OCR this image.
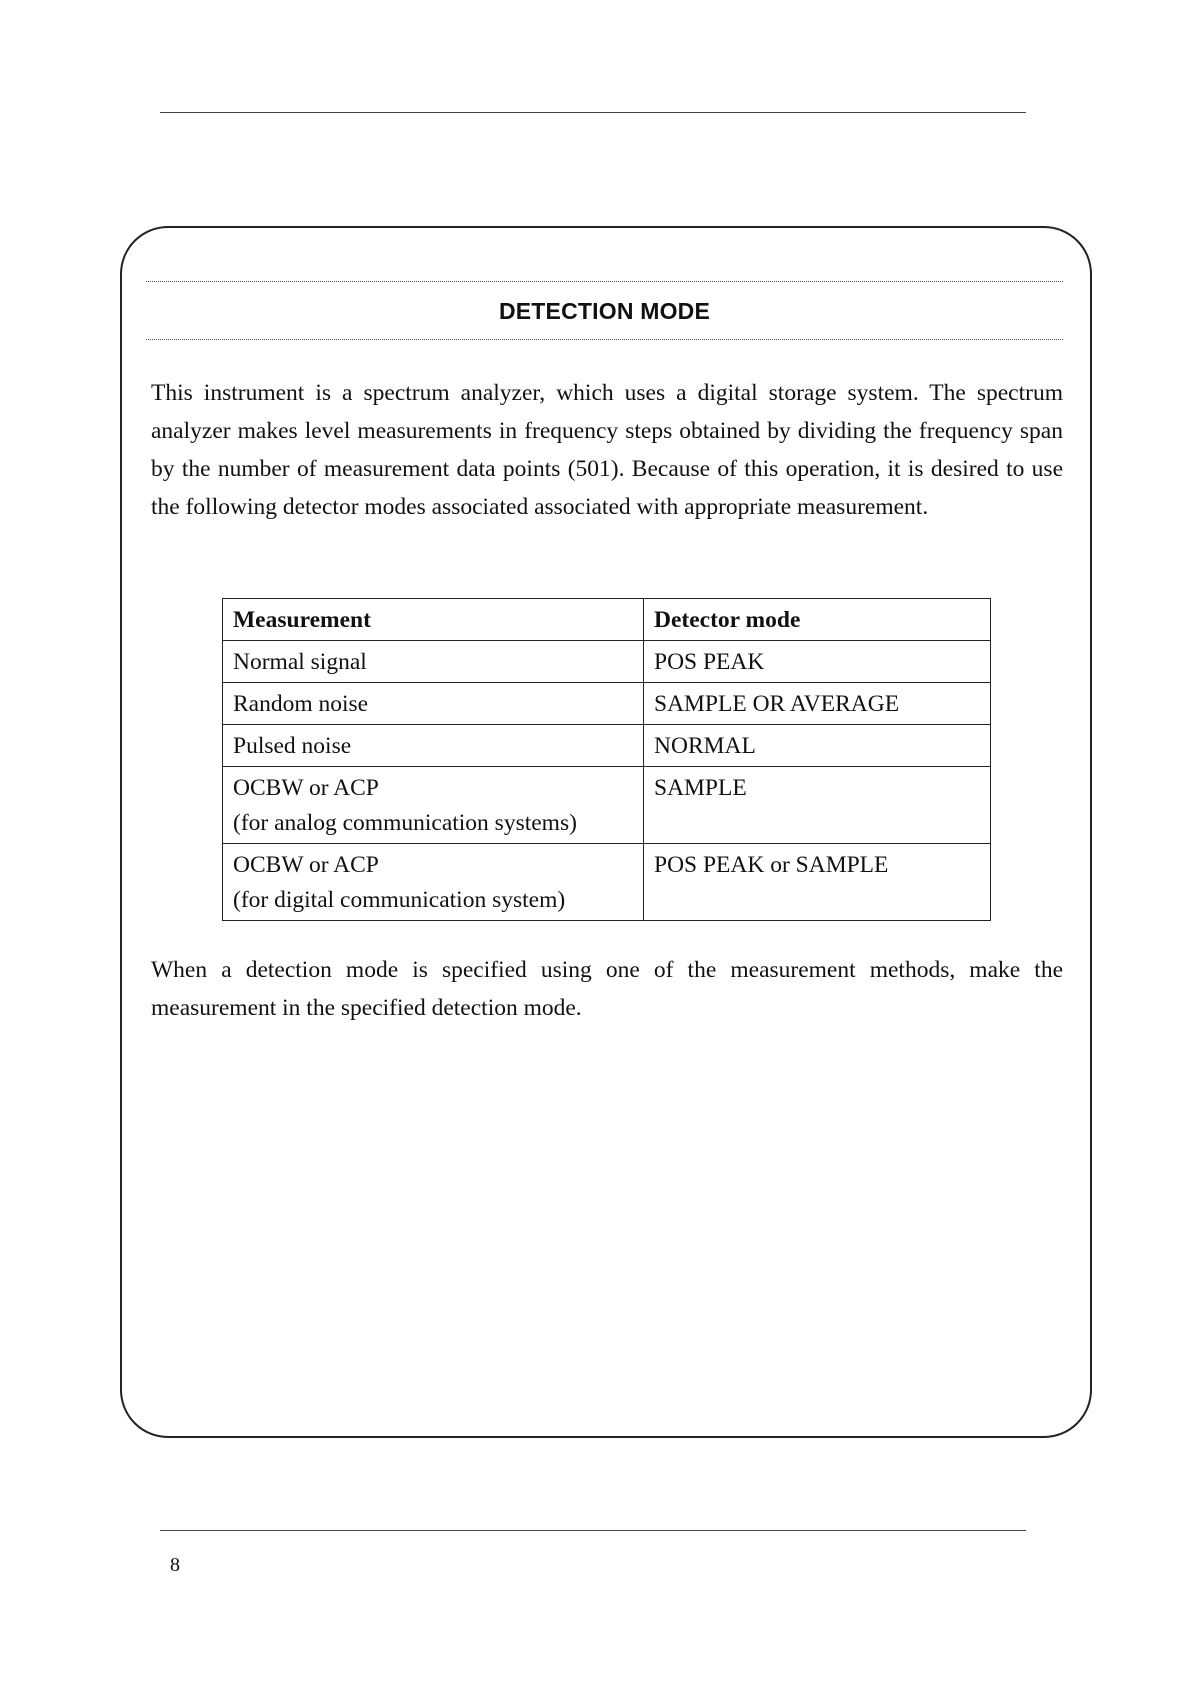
DETECTION MODE

This instrument is a spectrum analyzer, which uses a digital storage system. The spectrum analyzer makes level measurements in frequency steps obtained by dividing the frequency span by the number of measurement data points (501). Because of this operation, it is desired to use the following detector modes associated associated with appropriate measurement.

Measurement	Detector mode
Normal signal	POS PEAK
Random noise	SAMPLE OR AVERAGE
Pulsed noise	NORMAL
OCBW or ACP
(for analog communication systems)	SAMPLE
OCBW or ACP
(for digital communication system)	POS PEAK or SAMPLE

When a detection mode is specified using one of the measurement methods, make the measurement in the specified detection mode.

8
